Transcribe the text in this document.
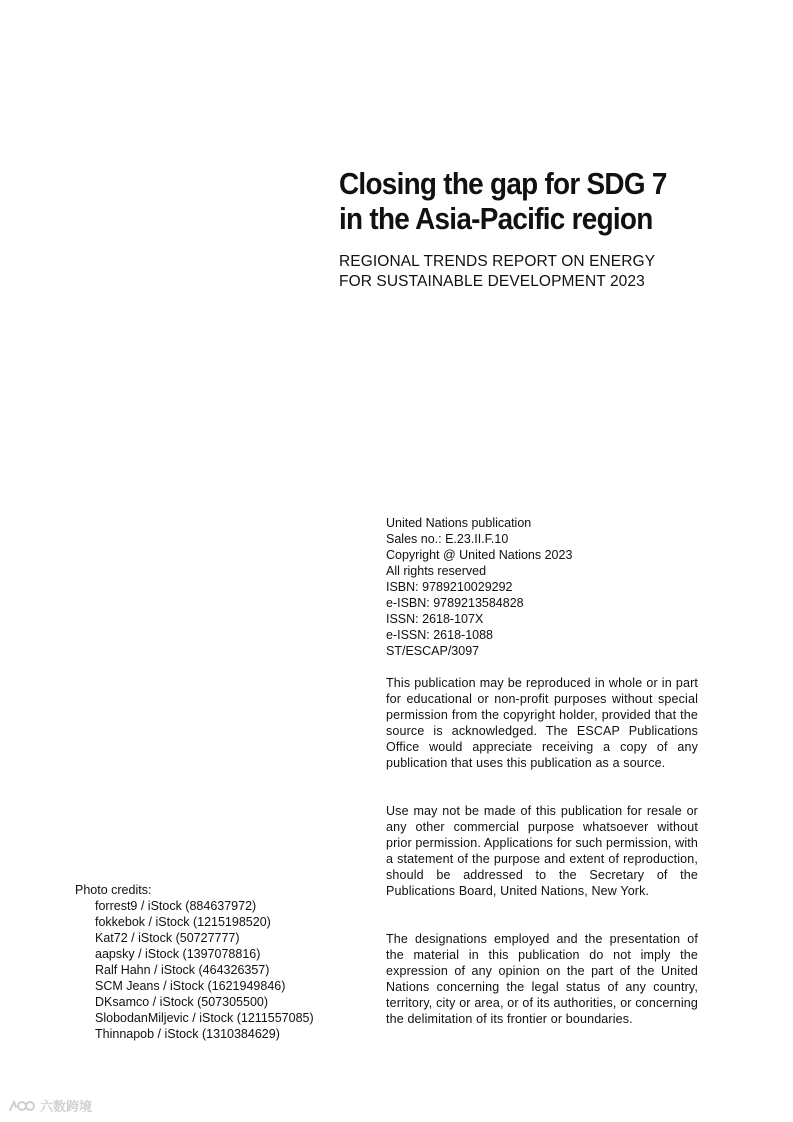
Closing the gap for SDG 7
in the Asia-Pacific region
REGIONAL TRENDS REPORT ON ENERGY
FOR SUSTAINABLE DEVELOPMENT 2023
United Nations publication
Sales no.: E.23.II.F.10
Copyright @ United Nations 2023
All rights reserved
ISBN: 9789210029292
e-ISBN: 9789213584828
ISSN: 2618-107X
e-ISSN: 2618-1088
ST/ESCAP/3097

This publication may be reproduced in whole or in part for educational or non-profit purposes without special permission from the copyright holder, provided that the source is acknowledged. The ESCAP Publications Office would appreciate receiving a copy of any publication that uses this publication as a source.

Use may not be made of this publication for resale or any other commercial purpose whatsoever without prior permission. Applications for such permission, with a statement of the purpose and extent of reproduction, should be addressed to the Secretary of the Publications Board, United Nations, New York.

The designations employed and the presentation of the material in this publication do not imply the expression of any opinion on the part of the United Nations concerning the legal status of any country, territory, city or area, or of its authorities, or concerning the delimitation of its frontier or boundaries.

Photo credits:
forrest9 / iStock (884637972)
fokkebok / iStock (1215198520)
Kat72 / iStock (50727777)
aapsky / iStock (1397078816)
Ralf Hahn / iStock (464326357)
SCM Jeans / iStock (1621949846)
DKsamco / iStock (507305500)
SlobodanMiljevic / iStock (1211557085)
Thinnapob / iStock (1310384629)
六数跨境
